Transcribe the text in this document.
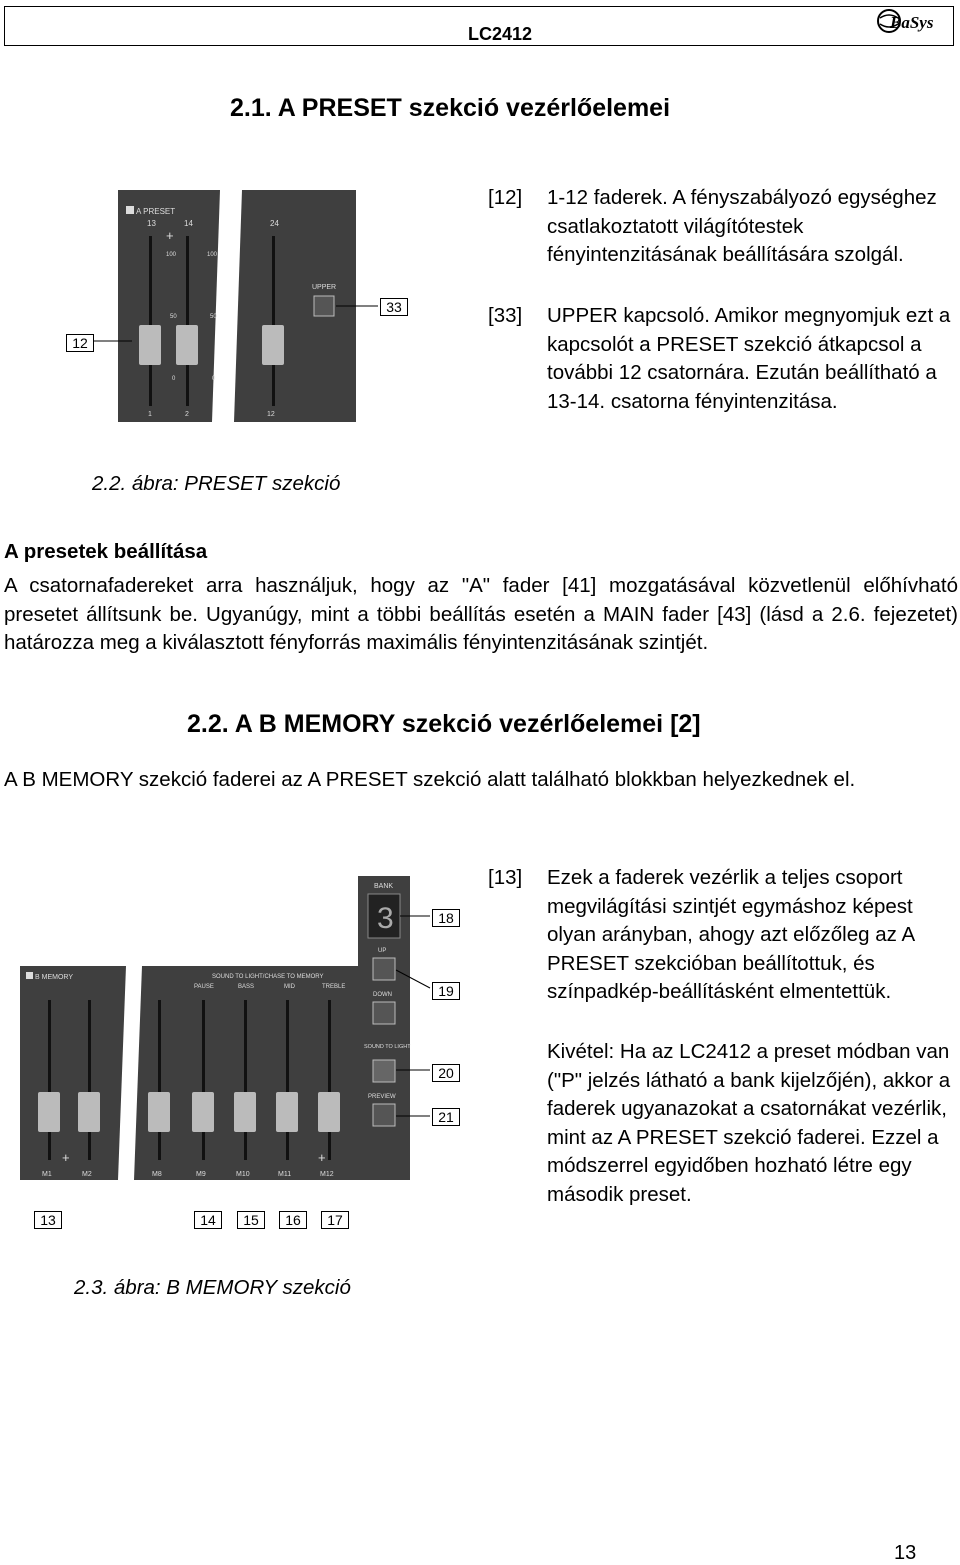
LC2412
BaSys
2.1. A PRESET szekció vezérlőelemei
A PRESET
13	14	24
+
100	100
50	50
0	0
1	2	12
UPPER
12
33
2.2. ábra: PRESET szekció
[12] 1-12 faderek. A fényszabályozó egységhez csatlakoztatott világítótestek fényintenzitásának beállítására szolgál.
[33] UPPER kapcsoló. Amikor megnyomjuk ezt a kapcsolót a PRESET szekció átkapcsol a további 12 csatornára. Ezután beállítható a 13-14. csatorna fényintenzitása.
A presetek beállítása
A csatornafadereket arra használjuk, hogy az "A" fader [41] mozgatásával közvetlenül előhívható presetet állítsunk be. Ugyanúgy, mint a többi beállítás esetén a MAIN fader [43] (lásd a 2.6. fejezetet) határozza meg a kiválasztott fényforrás maximális fényintenzitásának szintjét.
2.2. A B MEMORY szekció vezérlőelemei [2]
A B MEMORY szekció faderei az A PRESET szekció alatt található blokkban helyezkednek el.
B MEMORY	SOUND TO LIGHT/CHASE TO MEMORY
PAUSE	BASS	MID	TREBLE
+	+
M1	M2	M8	M9	M10	M11	M12
BANK
3
UP
DOWN
SOUND TO LIGHT
PREVIEW
18
19
20
21
13	14	15	16	17
2.3. ábra: B MEMORY szekció
[13] Ezek a faderek vezérlik a teljes csoport megvilágítási szintjét egymáshoz képest olyan arányban, ahogy azt előzőleg az A PRESET szekcióban beállítottuk, és színpadkép-beállításként elmentettük.
Kivétel: Ha az LC2412 a preset módban van ("P" jelzés látható a bank kijelzőjén), akkor a faderek ugyanazokat a csatornákat vezérlik, mint az A PRESET szekció faderei. Ezzel a módszerrel egyidőben hozható létre egy második preset.
13
